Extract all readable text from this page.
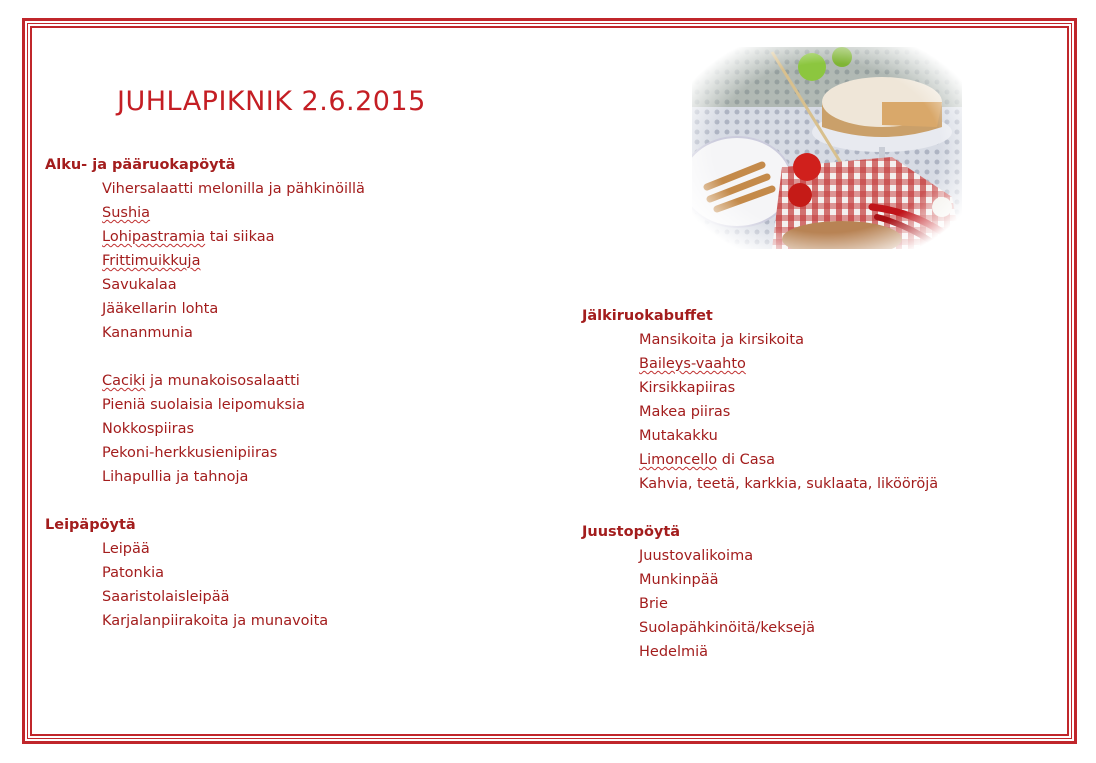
JUHLAPIKNIK 2.6.2015
Alku- ja pääruokapöytä
Vihersalaatti melonilla ja pähkinöillä
Sushia
Lohipastramia tai siikaa
Frittimuikkuja
Savukalaa
Jääkellarin lohta
Kananmunia
Caciki ja munakoisosalaatti
Pieniä suolaisia leipomuksia
Nokkospiiras
Pekoni-herkkusienipiiras
Lihapullia ja tahnoja
Leipäpöytä
Leipää
Patonkia
Saaristolaisleipää
Karjalanpiirakoita ja munavoita
Jälkiruokabuffet
Mansikoita ja kirsikoita
Baileys-vaahto
Kirsikkapiiras
Makea piiras
Mutakakku
Limoncello di Casa
Kahvia, teetä, karkkia, suklaata, likööröjä
Juustopöytä
Juustovalikoima
Munkinpää
Brie
Suolapähkinöitä/keksejä
Hedelmiä
